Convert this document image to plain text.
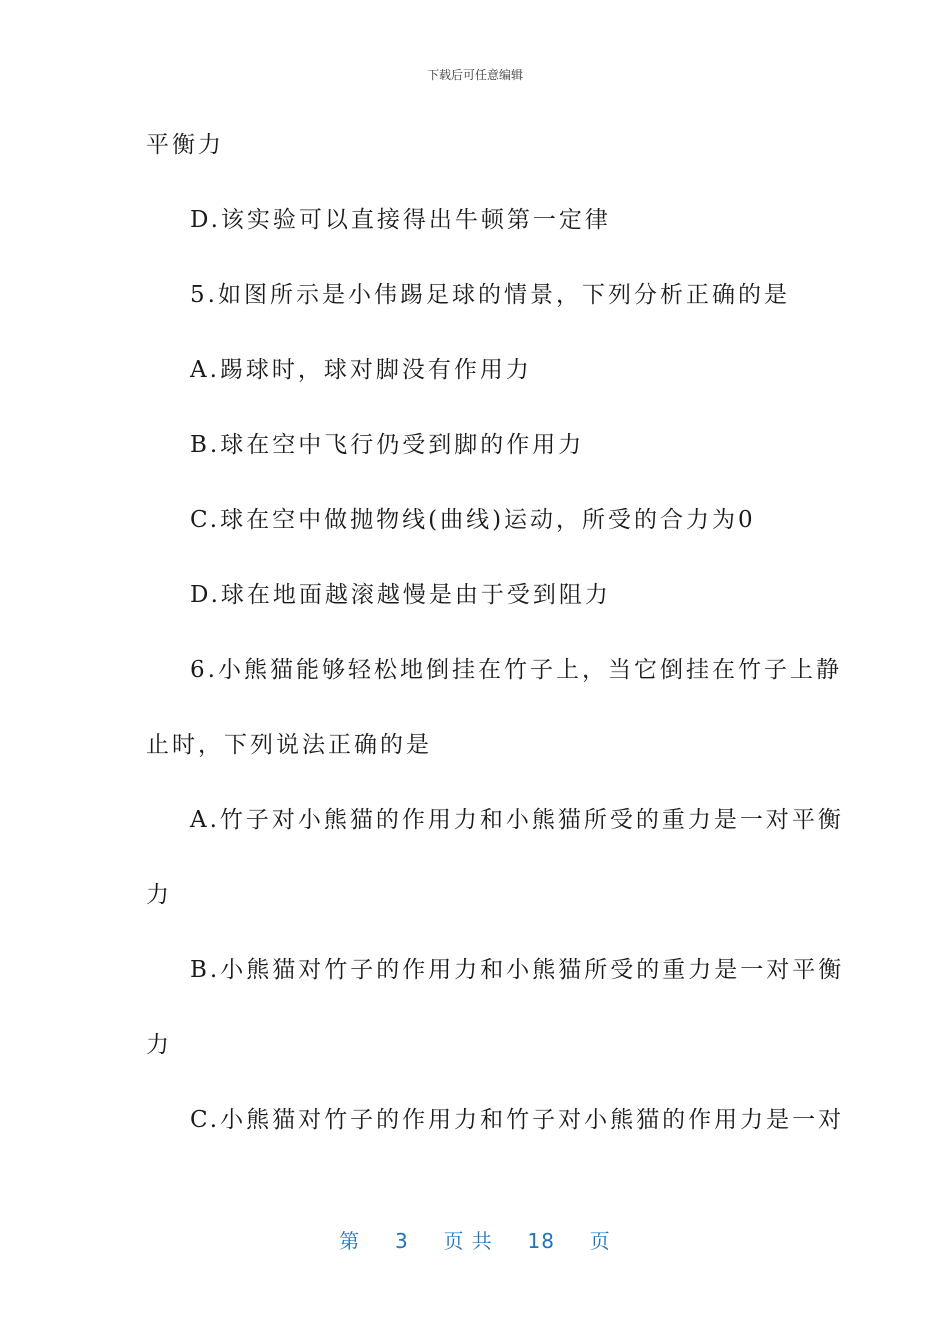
下载后可任意编辑
平衡力
D.该实验可以直接得出牛顿第一定律
5.如图所示是小伟踢足球的情景，下列分析正确的是
A.踢球时，球对脚没有作用力
B.球在空中飞行仍受到脚的作用力
C.球在空中做抛物线(曲线)运动，所受的合力为0
D.球在地面越滚越慢是由于受到阻力
6.小熊猫能够轻松地倒挂在竹子上，当它倒挂在竹子上静
止时，下列说法正确的是
A.竹子对小熊猫的作用力和小熊猫所受的重力是一对平衡
力
B.小熊猫对竹子的作用力和小熊猫所受的重力是一对平衡
力
C.小熊猫对竹子的作用力和竹子对小熊猫的作用力是一对
第 3 页 共 18 页
